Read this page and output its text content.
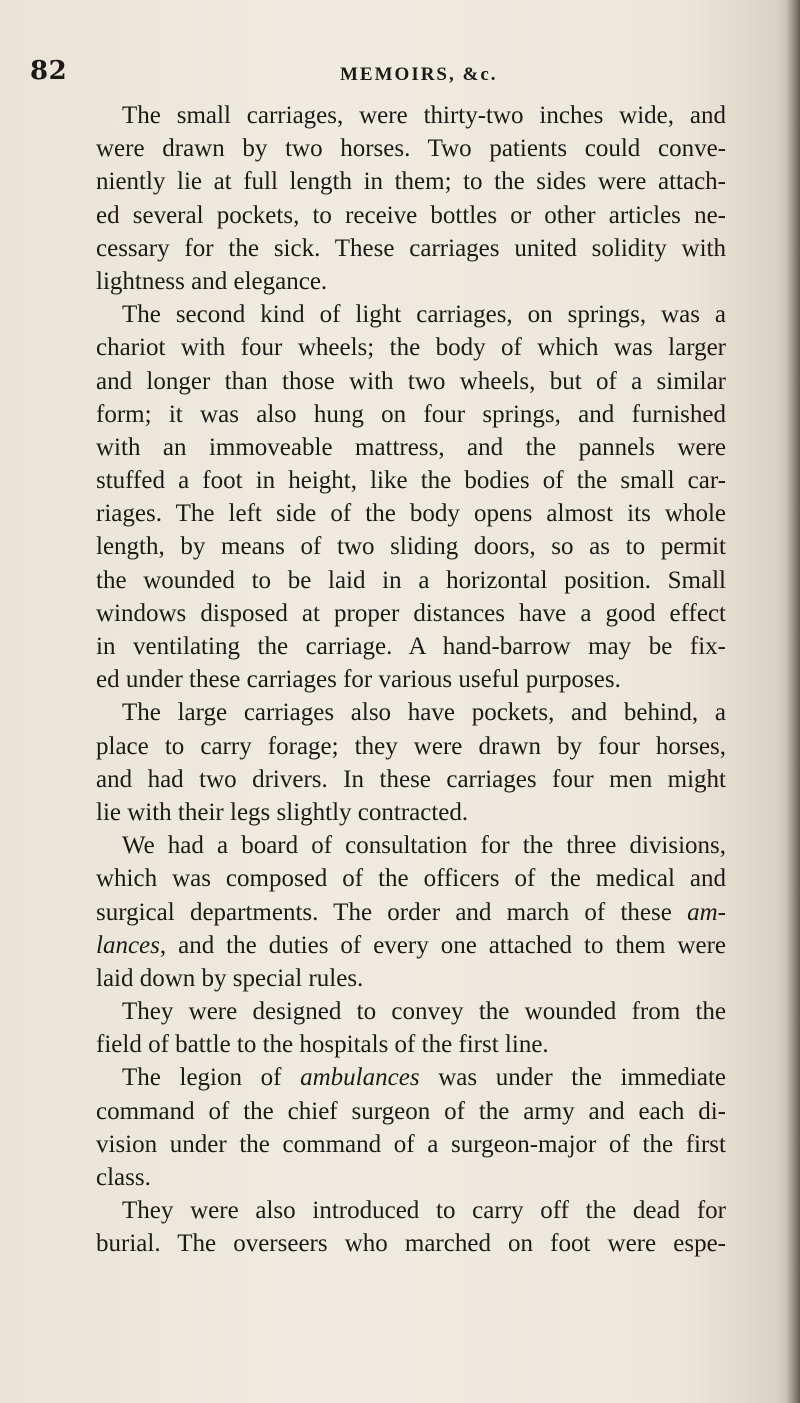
82	MEMOIRS, &c.
The small carriages, were thirty-two inches wide, and
were drawn by two horses. Two patients could conve-
niently lie at full length in them; to the sides were attach-
ed several pockets, to receive bottles or other articles ne-
cessary for the sick. These carriages united solidity with
lightness and elegance.
The second kind of light carriages, on springs, was a
chariot with four wheels; the body of which was larger
and longer than those with two wheels, but of a similar
form; it was also hung on four springs, and furnished
with an immoveable mattress, and the pannels were
stuffed a foot in height, like the bodies of the small car-
riages. The left side of the body opens almost its whole
length, by means of two sliding doors, so as to permit
the wounded to be laid in a horizontal position. Small
windows disposed at proper distances have a good effect
in ventilating the carriage. A hand-barrow may be fix-
ed under these carriages for various useful purposes.
The large carriages also have pockets, and behind, a
place to carry forage; they were drawn by four horses,
and had two drivers. In these carriages four men might
lie with their legs slightly contracted.
We had a board of consultation for the three divisions,
which was composed of the officers of the medical and
surgical departments. The order and march of these am-
lances, and the duties of every one attached to them were
laid down by special rules.
They were designed to convey the wounded from the
field of battle to the hospitals of the first line.
The legion of ambulances was under the immediate
command of the chief surgeon of the army and each di-
vision under the command of a surgeon-major of the first
class.
They were also introduced to carry off the dead for
burial. The overseers who marched on foot were espe-
